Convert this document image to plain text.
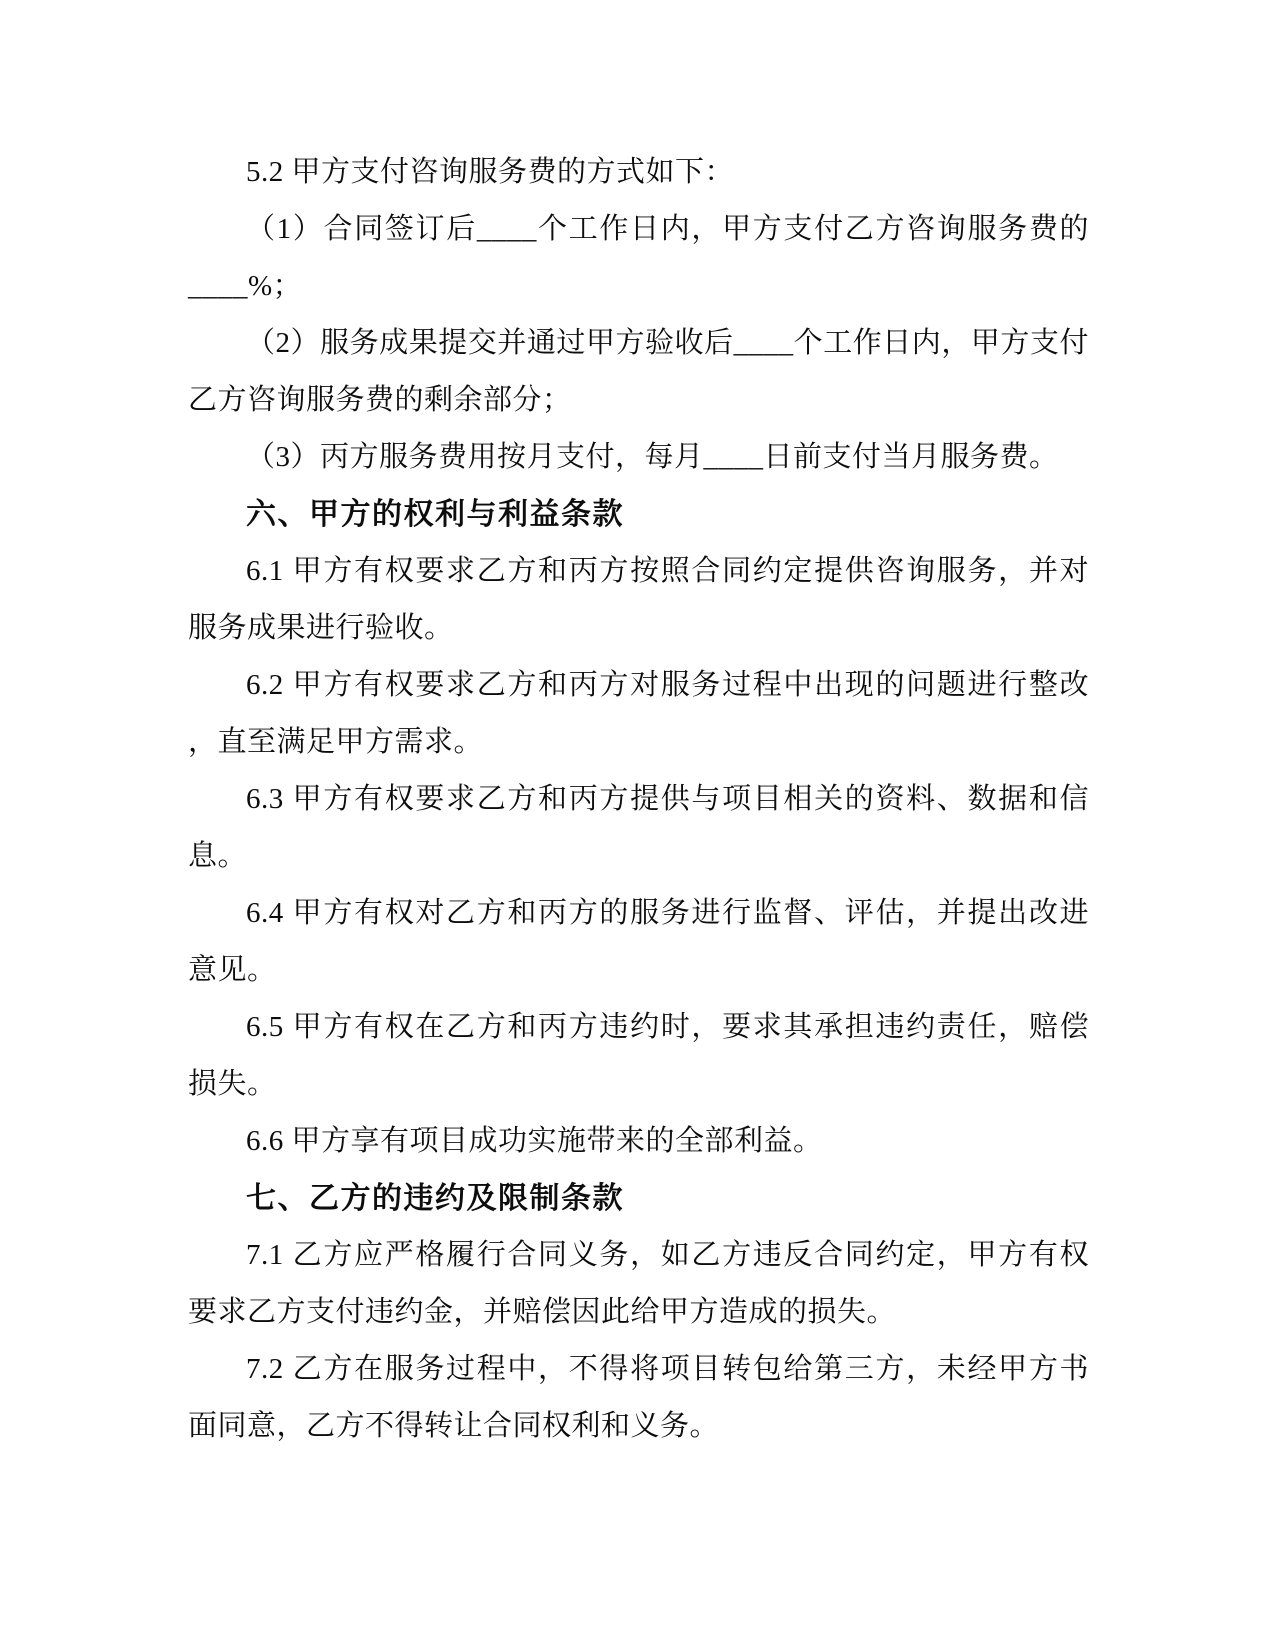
5.2 甲方支付咨询服务费的方式如下：
（1）合同签订后____个工作日内，甲方支付乙方咨询服务费的
____%；
（2）服务成果提交并通过甲方验收后____个工作日内，甲方支付
乙方咨询服务费的剩余部分；
（3）丙方服务费用按月支付，每月____日前支付当月服务费。
六、甲方的权利与利益条款
6.1 甲方有权要求乙方和丙方按照合同约定提供咨询服务，并对
服务成果进行验收。
6.2 甲方有权要求乙方和丙方对服务过程中出现的问题进行整改
，直至满足甲方需求。
6.3 甲方有权要求乙方和丙方提供与项目相关的资料、数据和信
息。
6.4 甲方有权对乙方和丙方的服务进行监督、评估，并提出改进
意见。
6.5 甲方有权在乙方和丙方违约时，要求其承担违约责任，赔偿
损失。
6.6 甲方享有项目成功实施带来的全部利益。
七、乙方的违约及限制条款
7.1 乙方应严格履行合同义务，如乙方违反合同约定，甲方有权
要求乙方支付违约金，并赔偿因此给甲方造成的损失。
7.2 乙方在服务过程中，不得将项目转包给第三方，未经甲方书
面同意，乙方不得转让合同权利和义务。
